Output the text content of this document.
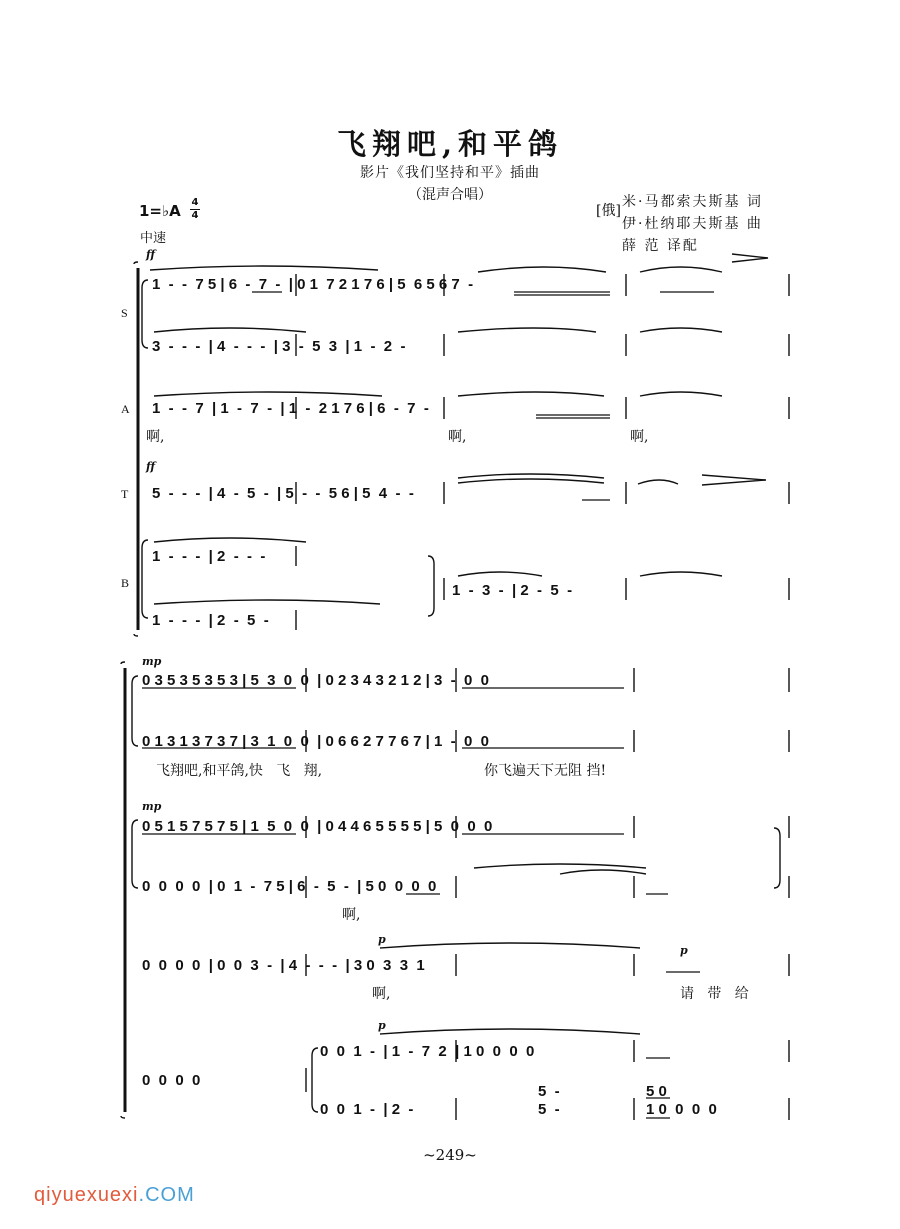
飞翔吧,和平鸽
影片《我们坚持和平》插曲
（混声合唱）
1=♭A 4
4
中速
[俄]
米·马都索夫斯基 词
伊·杜纳耶夫斯基 曲
薛 范 译配
S
A
T
B
ff
ff
mp
mp
p
p
p
1  -  -  7 5 | 6  -  7  -  | 0 1  7 2 1 7 6 | 5  6 5 6 7  -
3  -  -  -  | 4  -  -  -  | 3  -  5  3  | 1  -  2  -
1  -  -  7  | 1  -  7  -  | 1  -  2 1 7 6 | 6  -  7  -
啊,	啊,	啊,
5  -  -  -  | 4  -  5  -  | 5  -  -  5 6 | 5  4  -  -
1  -  -  -  | 2  -  -  -
1  -  -  -  | 2  -  5  -
1  -  3  -  | 2  -  5  -
0 3 5 3 5 3 5 3 | 5  3  0  0  | 0 2 3 4 3 2 1 2 | 3  -  0  0
0 1 3 1 3 7 3 7 | 3  1  0  0  | 0 6 6 2 7 7 6 7 | 1  -  0  0
飞翔吧,和平鸽,快   飞   翔,	你飞遍天下无阻 挡!
0 5 1 5 7 5 7 5 | 1  5  0  0  | 0 4 4 6 5 5 5 5 | 5  0  0  0
0  0  0  0  | 0  1  -  7 5 | 6  -  5  -  | 5 0  0  0  0
啊,
0  0  0  0  | 0  0  3  -  | 4  -  -  -  | 3 0  3  3  1
啊,	请   带   给
0  0  0  0
0  0  1  -  | 1  -  7  2  | 1 0  0  0  0
0  0  1  -  | 2  -
5  -
5  -
5 0
1 0  0  0  0
~249~
qiyuexuexi.COM
